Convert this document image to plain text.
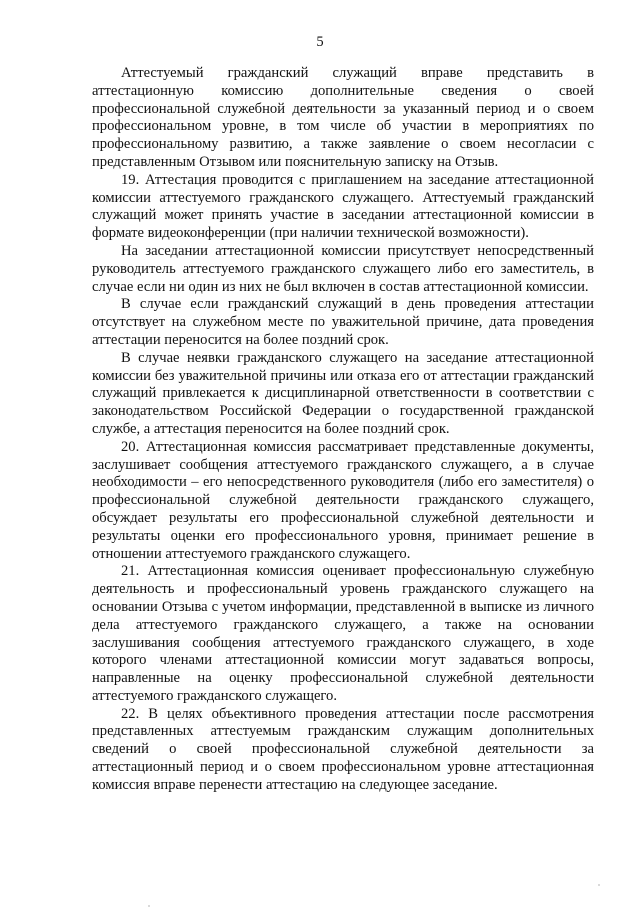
5

Аттестуемый гражданский служащий вправе представить в аттестационную комиссию дополнительные сведения о своей профессиональной служебной деятельности за указанный период и о своем профессиональном уровне, в том числе об участии в мероприятиях по профессиональному развитию, а также заявление о своем несогласии с представленным Отзывом или пояснительную записку на Отзыв.

19. Аттестация проводится с приглашением на заседание аттестационной комиссии аттестуемого гражданского служащего. Аттестуемый гражданский служащий может принять участие в заседании аттестационной комиссии в формате видеоконференции (при наличии технической возможности).

На заседании аттестационной комиссии присутствует непосредственный руководитель аттестуемого гражданского служащего либо его заместитель, в случае если ни один из них не был включен в состав аттестационной комиссии.

В случае если гражданский служащий в день проведения аттестации отсутствует на служебном месте по уважительной причине, дата проведения аттестации переносится на более поздний срок.

В случае неявки гражданского служащего на заседание аттестационной комиссии без уважительной причины или отказа его от аттестации гражданский служащий привлекается к дисциплинарной ответственности в соответствии с законодательством Российской Федерации о государственной гражданской службе, а аттестация переносится на более поздний срок.

20. Аттестационная комиссия рассматривает представленные документы, заслушивает сообщения аттестуемого гражданского служащего, а в случае необходимости – его непосредственного руководителя (либо его заместителя) о профессиональной служебной деятельности гражданского служащего, обсуждает результаты его профессиональной служебной деятельности и результаты оценки его профессионального уровня, принимает решение в отношении аттестуемого гражданского служащего.

21. Аттестационная комиссия оценивает профессиональную служебную деятельность и профессиональный уровень гражданского служащего на основании Отзыва с учетом информации, представленной в выписке из личного дела аттестуемого гражданского служащего, а также на основании заслушивания сообщения аттестуемого гражданского служащего, в ходе которого членами аттестационной комиссии могут задаваться вопросы, направленные на оценку профессиональной служебной деятельности аттестуемого гражданского служащего.

22. В целях объективного проведения аттестации после рассмотрения представленных аттестуемым гражданским служащим дополнительных сведений о своей профессиональной служебной деятельности за аттестационный период и о своем профессиональном уровне аттестационная комиссия вправе перенести аттестацию на следующее заседание.
